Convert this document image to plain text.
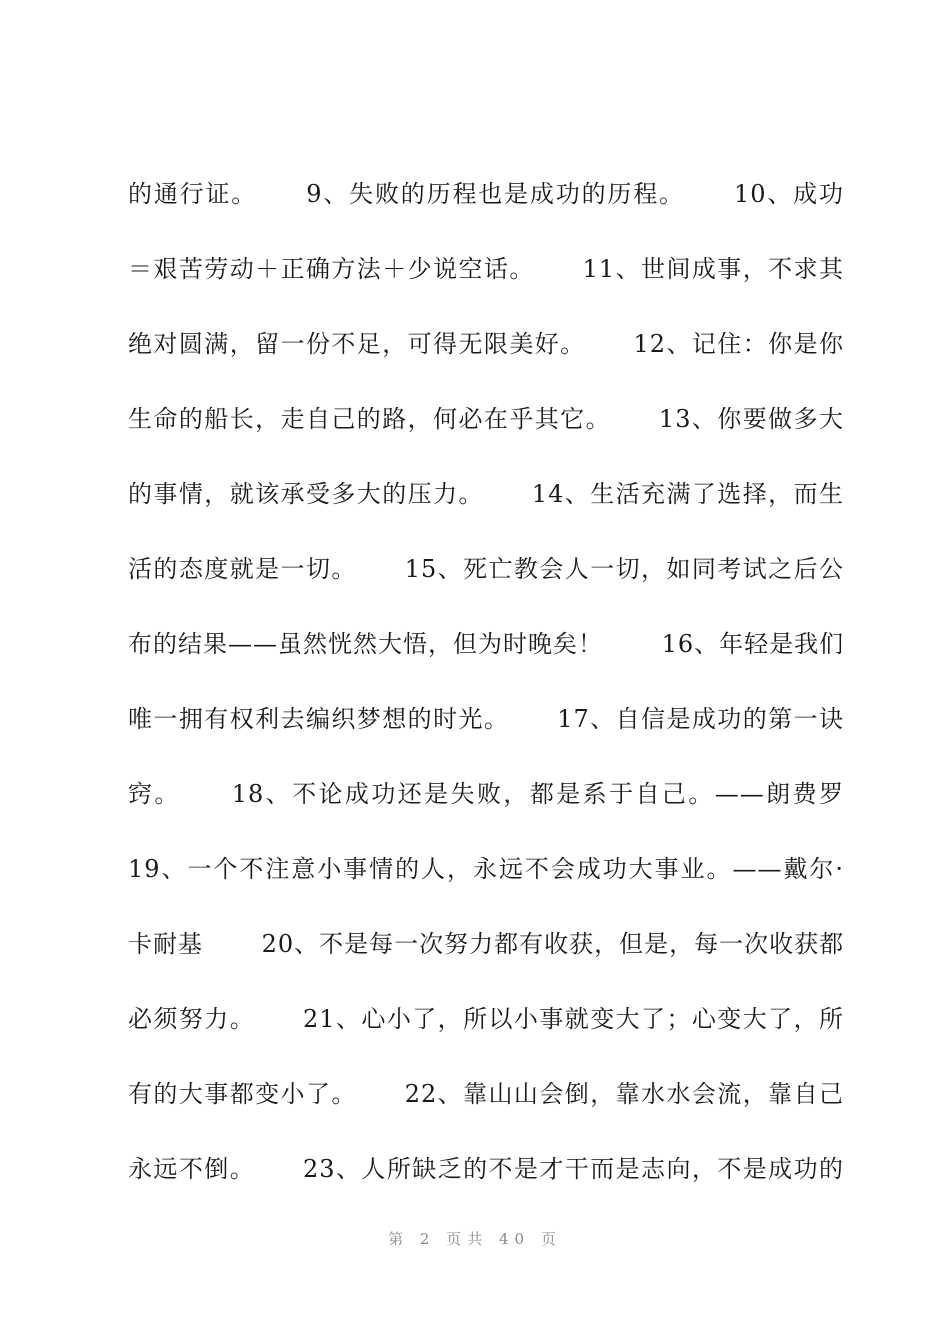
的通行证。　　 9、失败的历程也是成功的历程。　　 10、成功
＝艰苦劳动＋正确方法＋少说空话。　　 11、世间成事，不求其
绝对圆满，留一份不足，可得无限美好。　　 12、记住：你是你
生命的船长，走自己的路，何必在乎其它。　　 13、你要做多大
的事情，就该承受多大的压力。　　 14、生活充满了选择，而生
活的态度就是一切。　　 15、死亡教会人一切，如同考试之后公
布的结果——虽然恍然大悟，但为时晚矣！　　 16、年轻是我们
唯一拥有权利去编织梦想的时光。　　 17、自信是成功的第一诀
窍。　　 18、不论成功还是失败，都是系于自己。——朗费罗
19、一个不注意小事情的人，永远不会成功大事业。——戴尔·
卡耐基　　 20、不是每一次努力都有收获，但是，每一次收获都
必须努力。　　 21、心小了，所以小事就变大了；心变大了，所
有的大事都变小了。　　 22、靠山山会倒，靠水水会流，靠自己
永远不倒。　　 23、人所缺乏的不是才干而是志向，不是成功的
第 2 页共 40 页
